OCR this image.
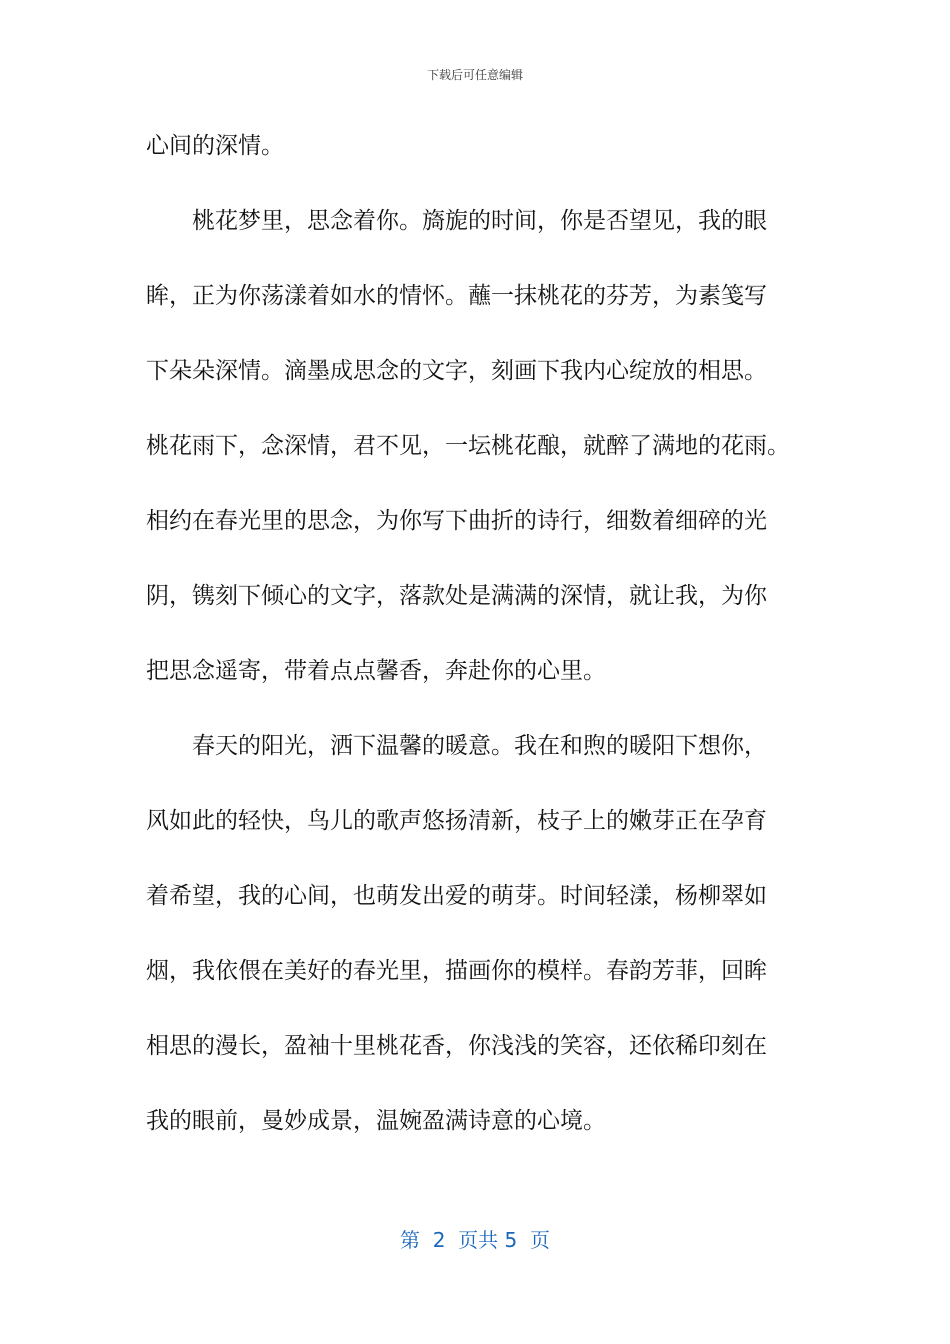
下载后可任意编辑
心间的深情。
桃花梦里，思念着你。旖旎的时间，你是否望见，我的眼
眸，正为你荡漾着如水的情怀。蘸一抹桃花的芬芳，为素笺写
下朵朵深情。滴墨成思念的文字，刻画下我内心绽放的相思。
桃花雨下，念深情，君不见，一坛桃花酿，就醉了满地的花雨。
相约在春光里的思念，为你写下曲折的诗行，细数着细碎的光
阴，镌刻下倾心的文字，落款处是满满的深情，就让我，为你
把思念遥寄，带着点点馨香，奔赴你的心里。
春天的阳光，洒下温馨的暖意。我在和煦的暖阳下想你，
风如此的轻快，鸟儿的歌声悠扬清新，枝子上的嫩芽正在孕育
着希望，我的心间，也萌发出爱的萌芽。时间轻漾，杨柳翠如
烟，我依偎在美好的春光里，描画你的模样。春韵芳菲，回眸
相思的漫长，盈袖十里桃花香，你浅浅的笑容，还依稀印刻在
我的眼前，曼妙成景，温婉盈满诗意的心境。
第  2  页共 5  页
